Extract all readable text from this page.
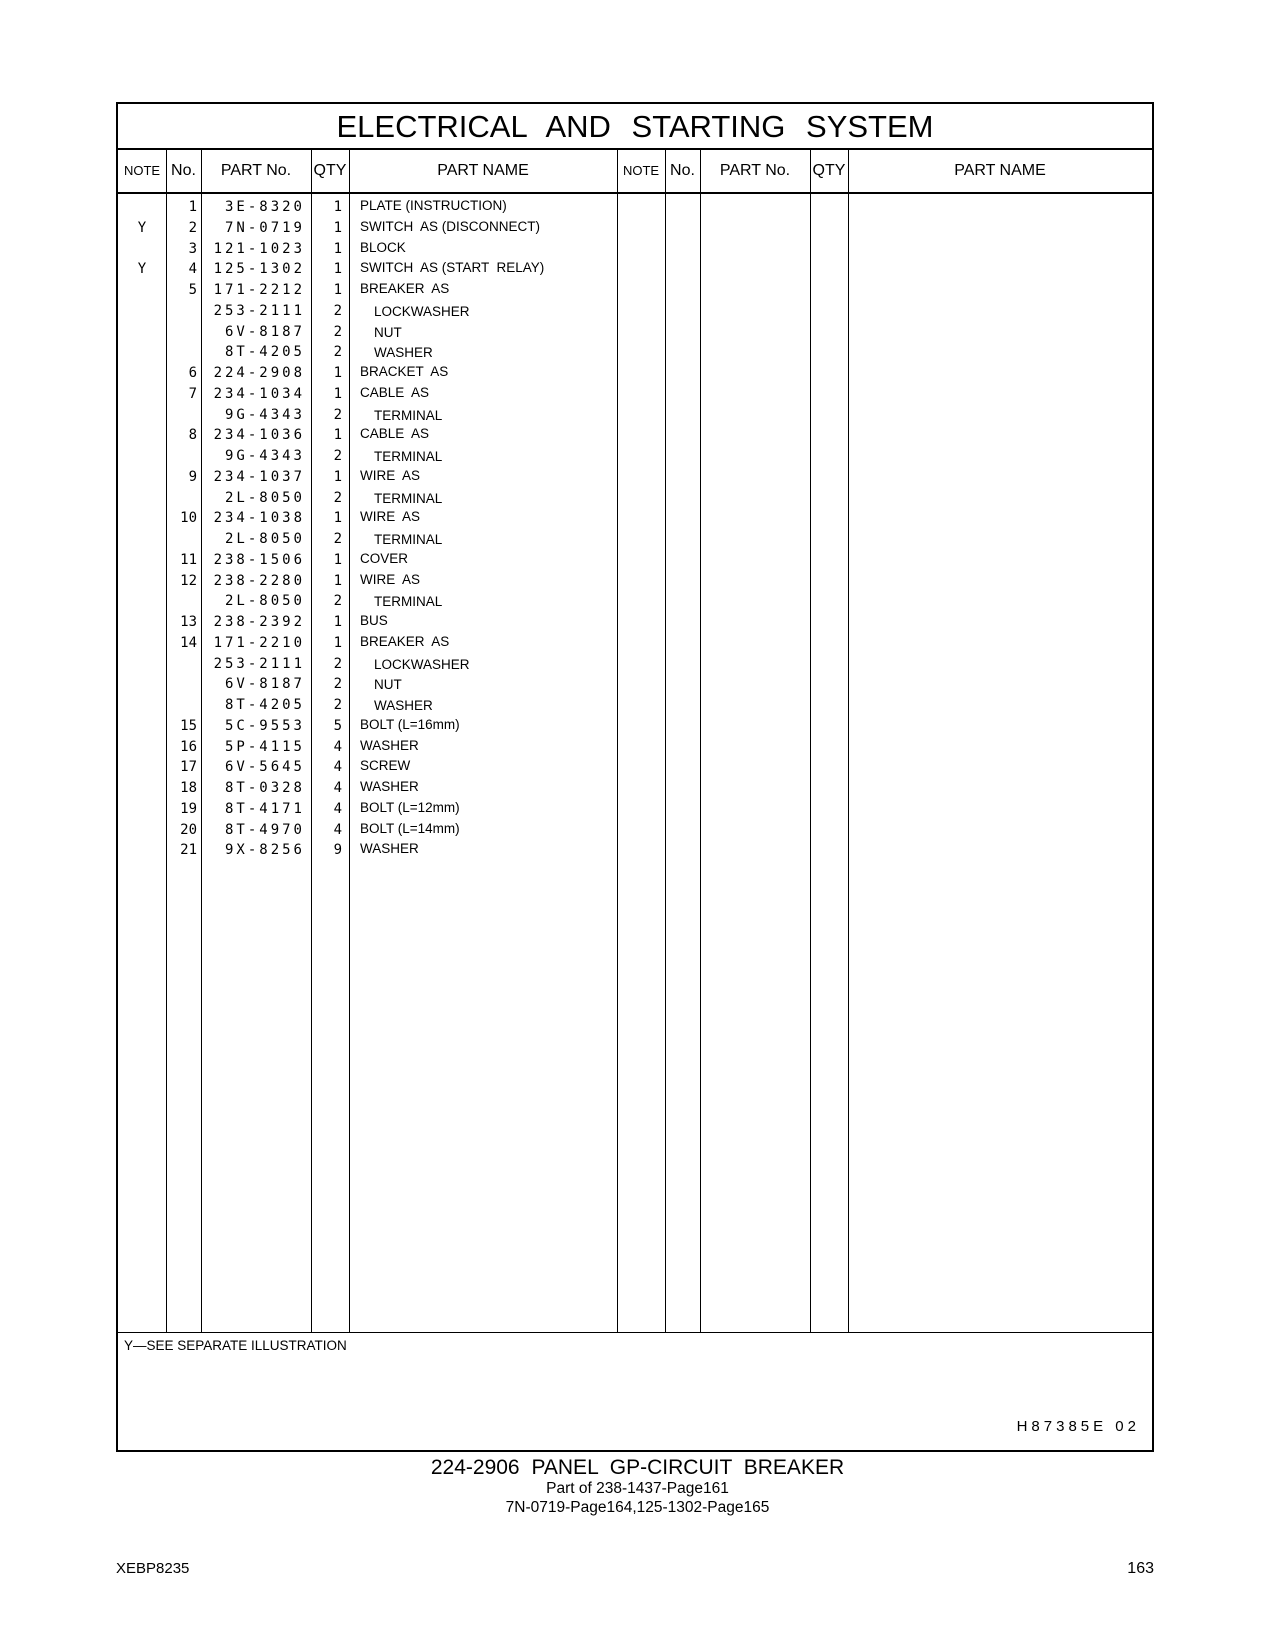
ELECTRICAL AND STARTING SYSTEM
NOTE No.	PART No.	QTY	PART NAME	NOTE No.	PART No.	QTY	PART NAME
1	3E-8320	1 PLATE (INSTRUCTION)
Y	2	7N-0719	1 SWITCH  AS (DISCONNECT)
3	121-1023	1 BLOCK
Y	4	125-1302	1 SWITCH  AS (START  RELAY)
5	171-2212	1 BREAKER  AS
253-2111	2 LOCKWASHER
6V-8187	2 NUT
8T-4205	2 WASHER
6	224-2908	1 BRACKET  AS
7	234-1034	1 CABLE  AS
9G-4343	2 TERMINAL
8	234-1036	1 CABLE  AS
9G-4343	2 TERMINAL
9	234-1037	1 WIRE  AS
2L-8050	2 TERMINAL
10	234-1038	1 WIRE  AS
2L-8050	2 TERMINAL
11	238-1506	1 COVER
12	238-2280	1 WIRE  AS
2L-8050	2 TERMINAL
13	238-2392	1 BUS
14	171-2210	1 BREAKER  AS
253-2111	2 LOCKWASHER
6V-8187	2 NUT
8T-4205	2 WASHER
15	5C-9553	5 BOLT (L=16mm)
16	5P-4115	4 WASHER
17	6V-5645	4 SCREW
18	8T-0328	4 WASHER
19	8T-4171	4 BOLT (L=12mm)
20	8T-4970	4 BOLT (L=14mm)
21	9X-8256	9 WASHER
Y—SEE SEPARATE ILLUSTRATION
H87385E 02
224-2906 PANEL GP-CIRCUIT BREAKER
Part of 238-1437-Page161
7N-0719-Page164,125-1302-Page165
XEBP8235	163
